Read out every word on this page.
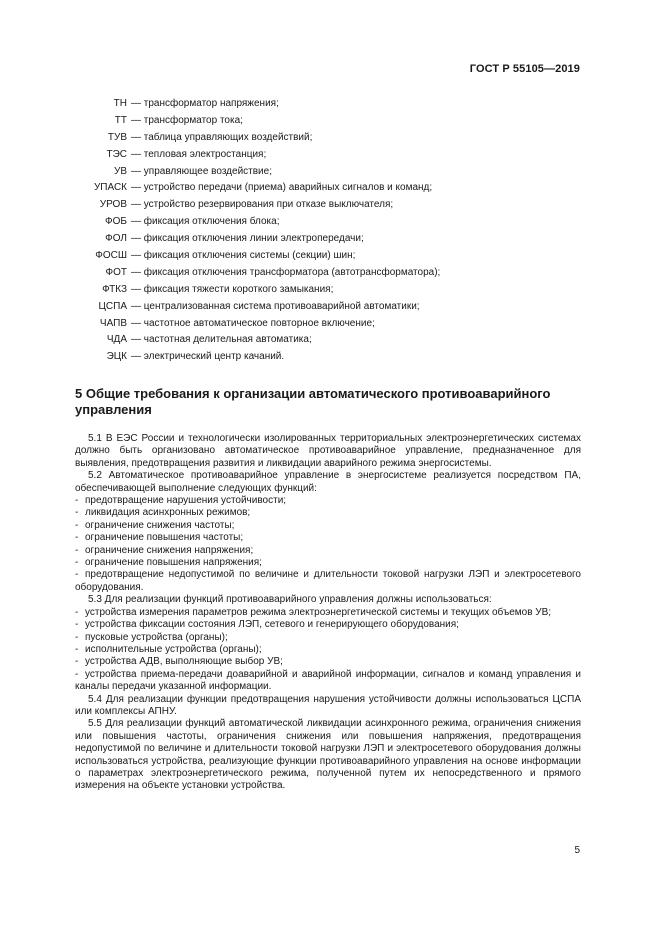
ГОСТ Р 55105—2019
ТН — трансформатор напряжения;
ТТ — трансформатор тока;
ТУВ — таблица управляющих воздействий;
ТЭС — тепловая электростанция;
УВ — управляющее воздействие;
УПАСК — устройство передачи (приема) аварийных сигналов и команд;
УРОВ — устройство резервирования при отказе выключателя;
ФОБ — фиксация отключения блока;
ФОЛ — фиксация отключения линии электропередачи;
ФОСШ — фиксация отключения системы (секции) шин;
ФОТ — фиксация отключения трансформатора (автотрансформатора);
ФТКЗ — фиксация тяжести короткого замыкания;
ЦСПА — централизованная система противоаварийной автоматики;
ЧАПВ — частотное автоматическое повторное включение;
ЧДА — частотная делительная автоматика;
ЭЦК — электрический центр качаний.
5 Общие требования к организации автоматического противоаварийного управления

5.1 В ЕЭС России и технологически изолированных территориальных электроэнергетических системах должно быть организовано автоматическое противоаварийное управление, предназначенное для выявления, предотвращения развития и ликвидации аварийного режима энергосистемы.

5.2 Автоматическое противоаварийное управление в энергосистеме реализуется посредством ПА, обеспечивающей выполнение следующих функций:

- предотвращение нарушения устойчивости;

- ликвидация асинхронных режимов;

- ограничение снижения частоты;

- ограничение повышения частоты;

- ограничение снижения напряжения;

- ограничение повышения напряжения;

- предотвращение недопустимой по величине и длительности токовой нагрузки ЛЭП и электросетевого оборудования.

5.3 Для реализации функций противоаварийного управления должны использоваться:

- устройства измерения параметров режима электроэнергетической системы и текущих объемов УВ;

- устройства фиксации состояния ЛЭП, сетевого и генерирующего оборудования;

- пусковые устройства (органы);

- исполнительные устройства (органы);

- устройства АДВ, выполняющие выбор УВ;

- устройства приема-передачи доаварийной и аварийной информации, сигналов и команд управления и каналы передачи указанной информации.

5.4 Для реализации функции предотвращения нарушения устойчивости должны использоваться ЦСПА или комплексы АПНУ.

5.5 Для реализации функций автоматической ликвидации асинхронного режима, ограничения снижения или повышения частоты, ограничения снижения или повышения напряжения, предотвращения недопустимой по величине и длительности токовой нагрузки ЛЭП и электросетевого оборудования должны использоваться устройства, реализующие функции противоаварийного управления на основе информации о параметрах электроэнергетического режима, полученной путем их непосредственного и прямого измерения на объекте установки устройства.

5
